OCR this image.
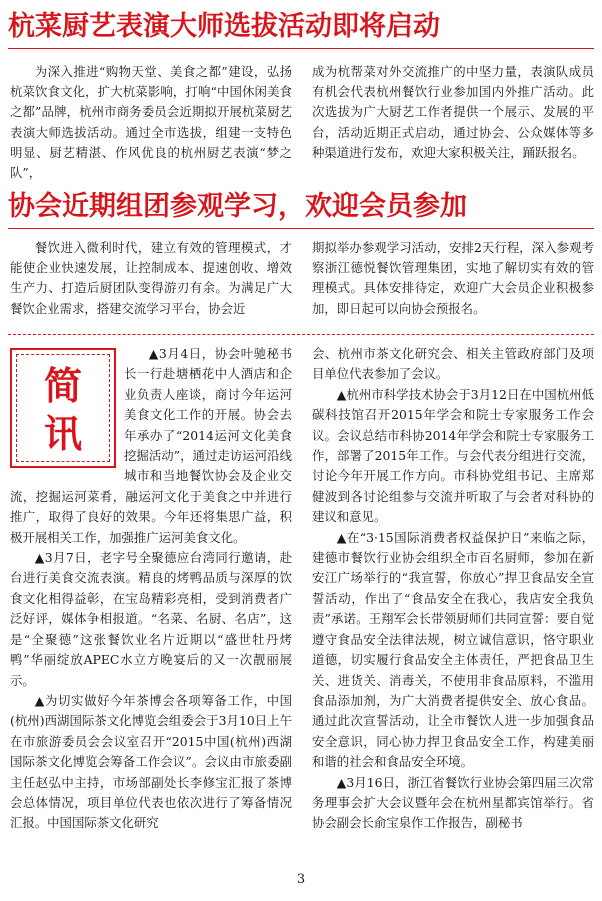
杭菜厨艺表演大师选拔活动即将启动

为深入推进“购物天堂、美食之都”建设，弘扬杭菜饮食文化，扩大杭菜影响，打响“中国休闲美食之都”品牌，杭州市商务委员会近期拟开展杭菜厨艺表演大师选拔活动。通过全市选拔，组建一支特色明显、厨艺精湛、作风优良的杭州厨艺表演“梦之队”，

成为杭帮菜对外交流推广的中坚力量，表演队成员有机会代表杭州餐饮行业参加国内外推广活动。此次选拔为广大厨艺工作者提供一个展示、发展的平台，活动近期正式启动，通过协会、公众媒体等多种渠道进行发布，欢迎大家积极关注，踊跃报名。

协会近期组团参观学习，欢迎会员参加

餐饮进入微利时代，建立有效的管理模式，才能使企业快速发展，让控制成本、提速创收、增效生产力、打造后厨团队变得游刃有余。为满足广大餐饮企业需求，搭建交流学习平台，协会近

期拟举办参观学习活动，安排2天行程，深入参观考察浙江德悦餐饮管理集团，实地了解切实有效的管理模式。具体安排待定，欢迎广大会员企业积极参加，即日起可以向协会预报名。

简
讯

▲3月4日，协会叶驰秘书长一行赴塘栖花中人酒店和企业负责人座谈，商讨今年运河美食文化工作的开展。协会去年承办了“2014运河文化美食挖掘活动”，通过走访运河沿线城市和当地餐饮协会及企业交流，挖掘运河菜肴，融运河文化于美食之中并进行推广，取得了良好的效果。今年还将集思广益，积极开展相关工作，加强推广运河美食文化。

▲3月7日，老字号全聚德应台湾同行邀请，赴台进行美食交流表演。精良的烤鸭品质与深厚的饮食文化相得益彰，在宝岛精彩亮相，受到消费者广泛好评，媒体争相报道。“名菜、名厨、名店”，这是“全聚德”这张餐饮业名片近期以“盛世牡丹烤鸭”华丽绽放APEC水立方晚宴后的又一次靓丽展示。

▲为切实做好今年茶博会各项筹备工作，中国(杭州)西湖国际茶文化博览会组委会于3月10日上午在市旅游委员会会议室召开“2015中国(杭州)西湖国际茶文化博览会筹备工作会议”。会议由市旅委副主任赵弘中主持，市场部副处长李修宝汇报了茶博会总体情况，项目单位代表也依次进行了筹备情况汇报。中国国际茶文化研究

会、杭州市茶文化研究会、相关主管政府部门及项目单位代表参加了会议。

▲杭州市科学技术协会于3月12日在中国杭州低碳科技馆召开2015年学会和院士专家服务工作会议。会议总结市科协2014年学会和院士专家服务工作，部署了2015年工作。与会代表分组进行交流，讨论今年开展工作方向。市科协党组书记、主席郑健波到各讨论组参与交流并听取了与会者对科协的建议和意见。

▲在“3·15国际消费者权益保护日”来临之际，建德市餐饮行业协会组织全市百名厨师，参加在新安江广场举行的“我宣誓，你放心”捍卫食品安全宣誓活动，作出了“食品安全在我心，我店安全我负责”承诺。王翔军会长带领厨师们共同宣誓：要自觉遵守食品安全法律法规，树立诚信意识，恪守职业道德，切实履行食品安全主体责任，严把食品卫生关、进货关、消毒关，不使用非食品原料，不滥用食品添加剂，为广大消费者提供安全、放心食品。通过此次宣誓活动，让全市餐饮人进一步加强食品安全意识，同心协力捍卫食品安全工作，构建美丽和谐的社会和食品安全环境。

▲3月16日，浙江省餐饮行业协会第四届三次常务理事会扩大会议暨年会在杭州星都宾馆举行。省协会副会长俞宝泉作工作报告，副秘书

3
